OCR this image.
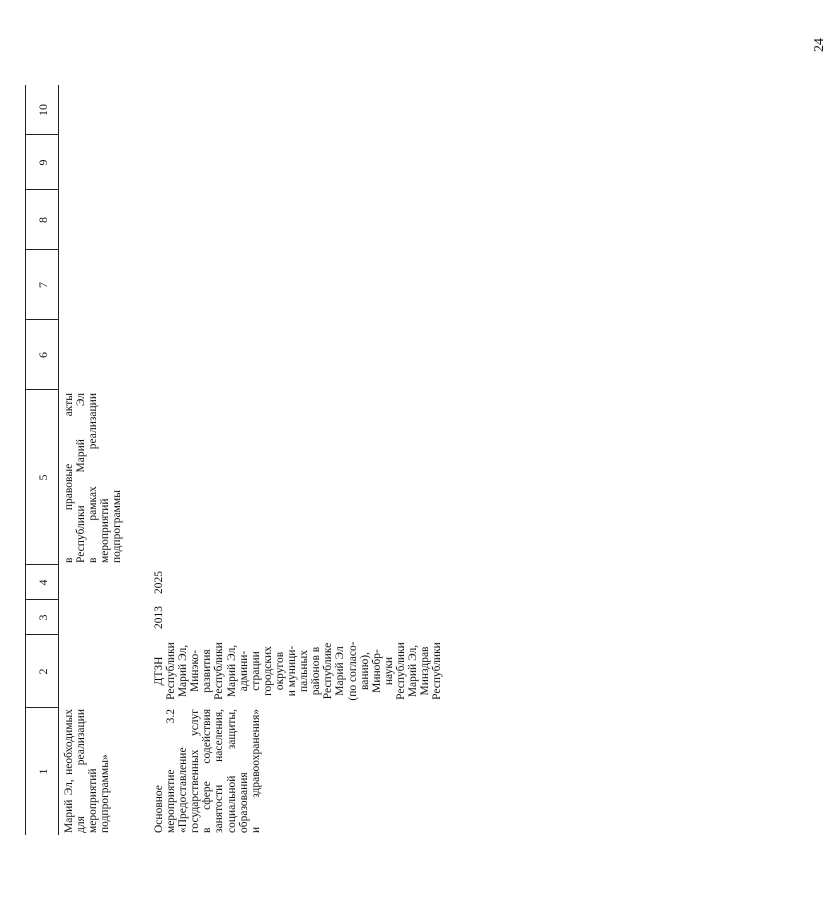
1
2
3
4
5
6
7
8
9
10
Марий Эл, необходимых для реализации мероприятий подпрограммы»
в правовые акты Республики Марий Эл в рамках реализации мероприятий подпрограммы
Основное мероприятие 3.2 «Предоставление государственных услуг в сфере содействия занятости населения, социальной защиты, образования и здравоохранения»
ДТЗН Республики Марий Эл, Минэко- развития Республики Марий Эл, админи- страции городских округов и муници- пальных районов в Республике Марий Эл (по согласо- ванию), Минобр- науки Республики Марий Эл, Минздрав Республики
2013
2025
24
